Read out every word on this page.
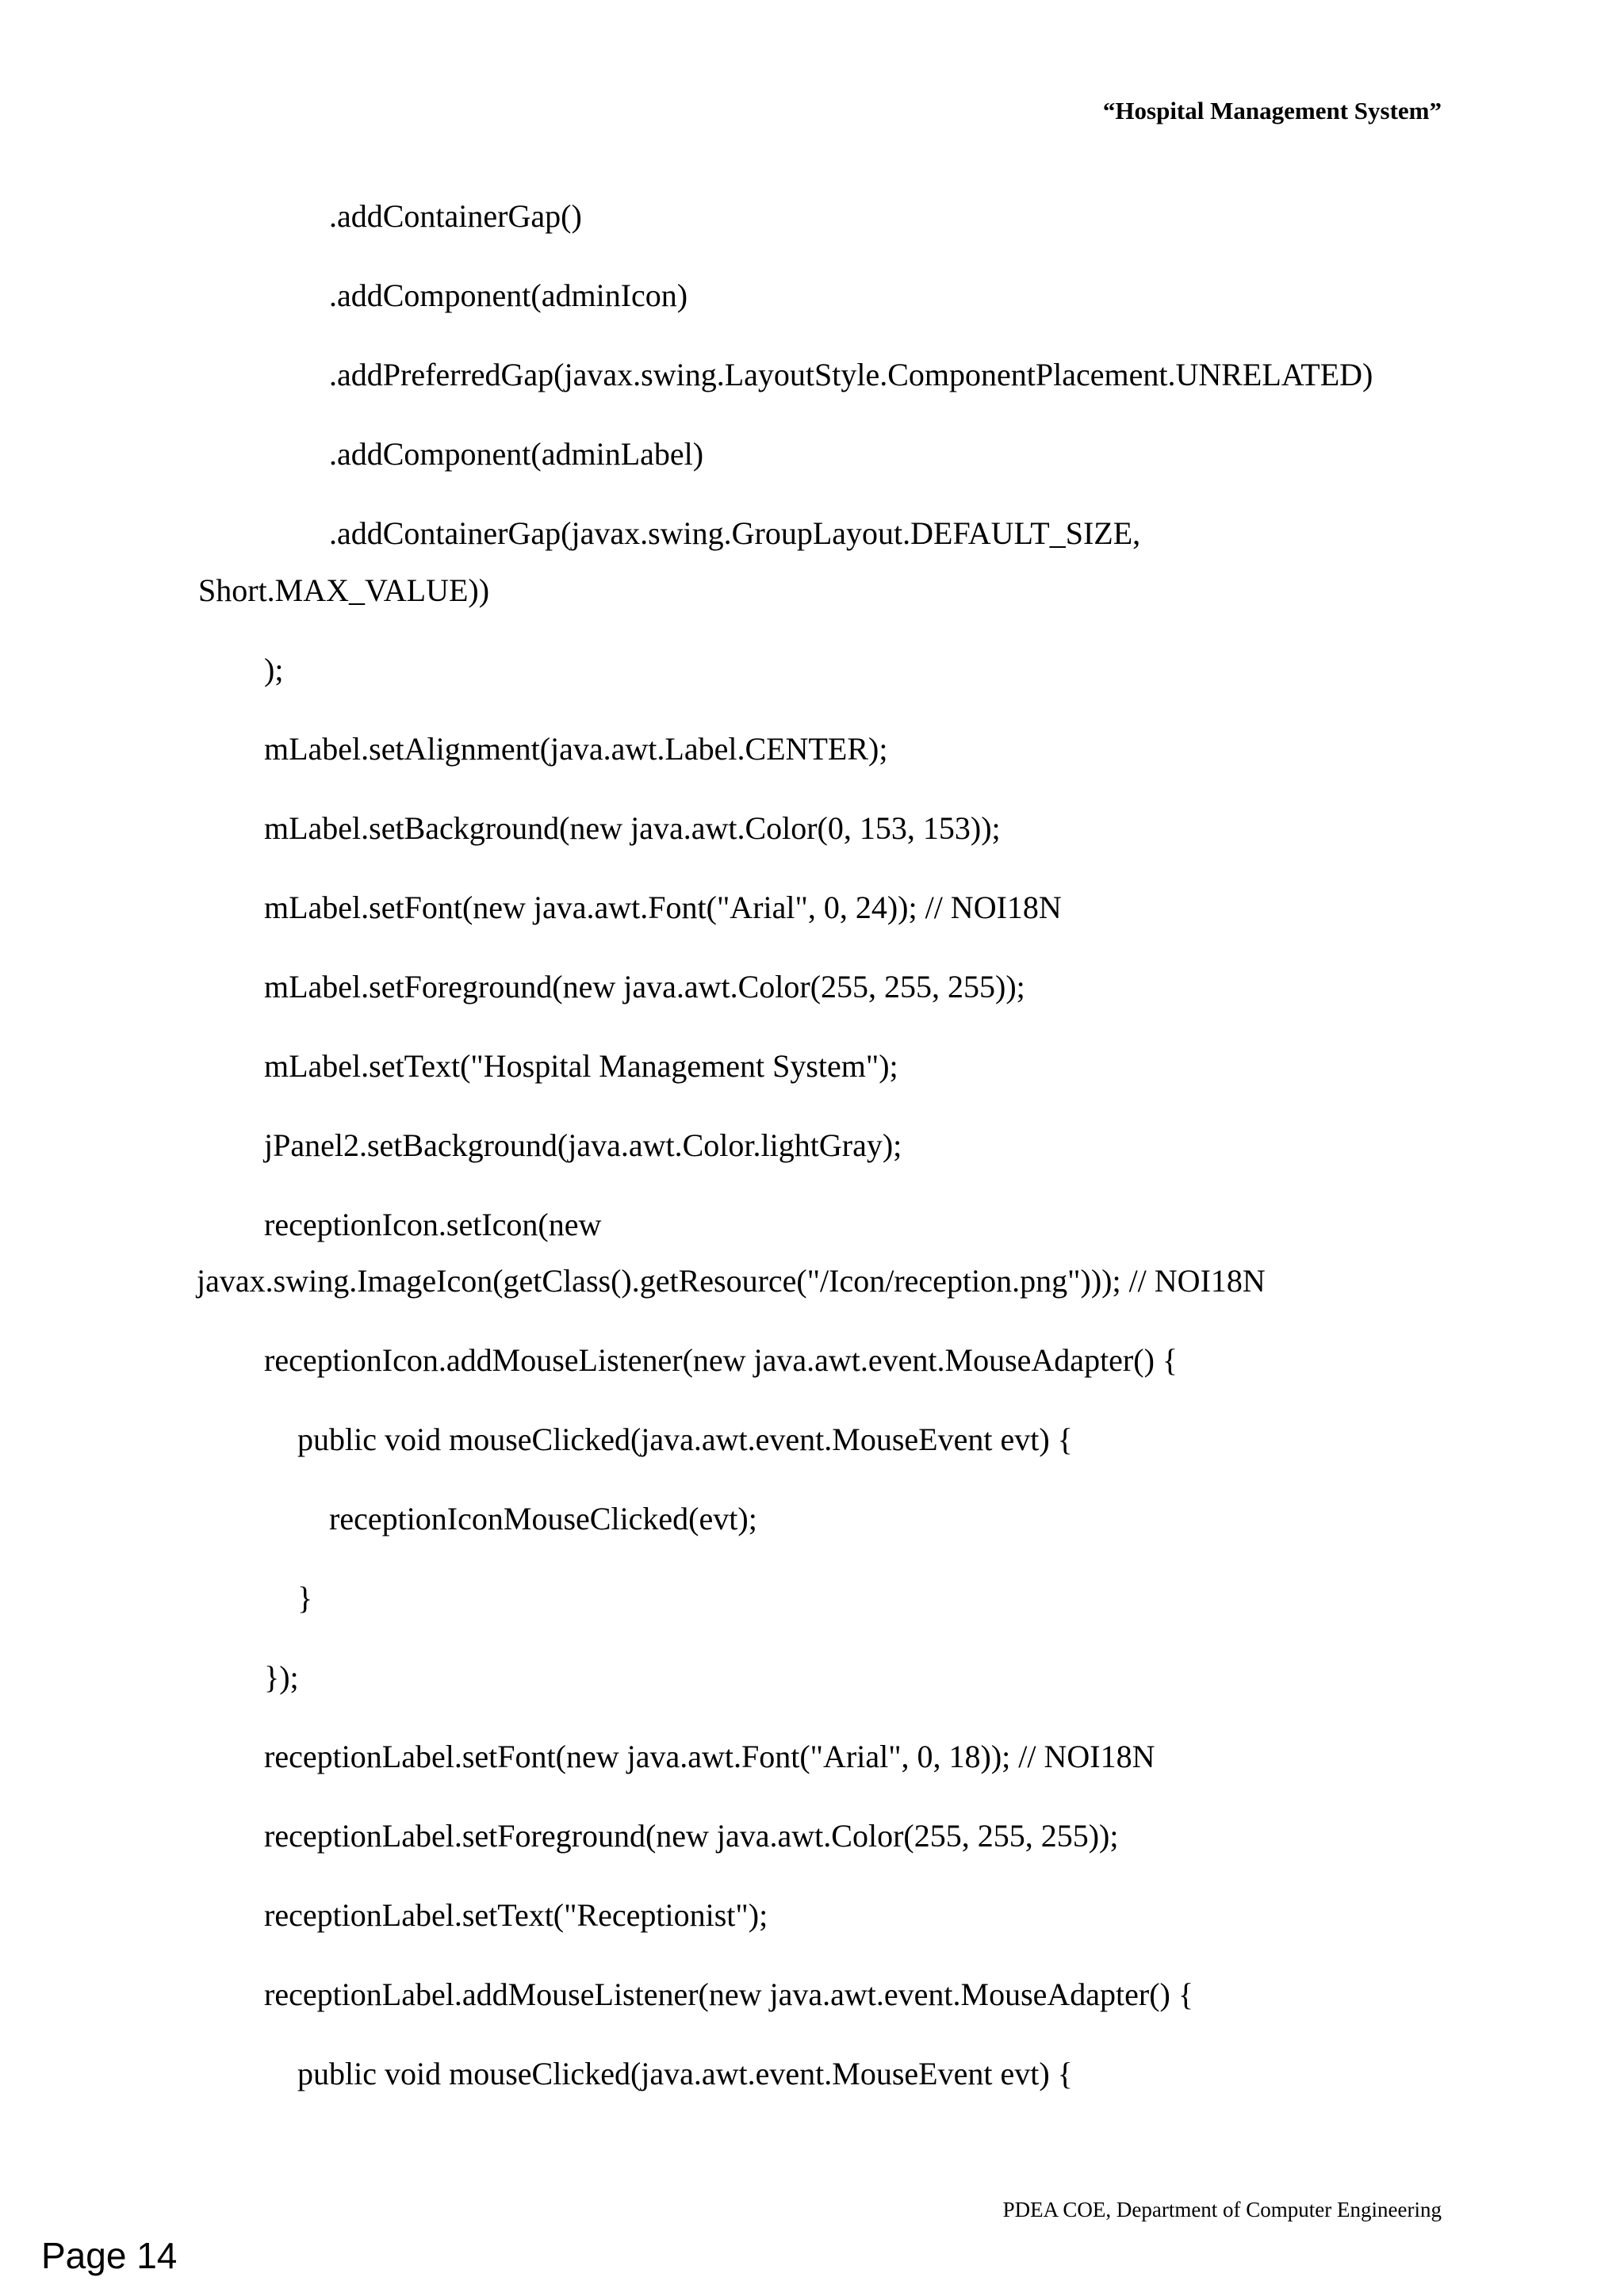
“Hospital Management System”
.addContainerGap()
.addComponent(adminIcon)
.addPreferredGap(javax.swing.LayoutStyle.ComponentPlacement.UNRELATED)
.addComponent(adminLabel)
.addContainerGap(javax.swing.GroupLayout.DEFAULT_SIZE,
Short.MAX_VALUE))
);
mLabel.setAlignment(java.awt.Label.CENTER);
mLabel.setBackground(new java.awt.Color(0, 153, 153));
mLabel.setFont(new java.awt.Font("Arial", 0, 24)); // NOI18N
mLabel.setForeground(new java.awt.Color(255, 255, 255));
mLabel.setText("Hospital Management System");
jPanel2.setBackground(java.awt.Color.lightGray);
receptionIcon.setIcon(new
javax.swing.ImageIcon(getClass().getResource("/Icon/reception.png"))); // NOI18N
receptionIcon.addMouseListener(new java.awt.event.MouseAdapter() {
public void mouseClicked(java.awt.event.MouseEvent evt) {
receptionIconMouseClicked(evt);
}
});
receptionLabel.setFont(new java.awt.Font("Arial", 0, 18)); // NOI18N
receptionLabel.setForeground(new java.awt.Color(255, 255, 255));
receptionLabel.setText("Receptionist");
receptionLabel.addMouseListener(new java.awt.event.MouseAdapter() {
public void mouseClicked(java.awt.event.MouseEvent evt) {
PDEA COE, Department of Computer Engineering
Page 14
